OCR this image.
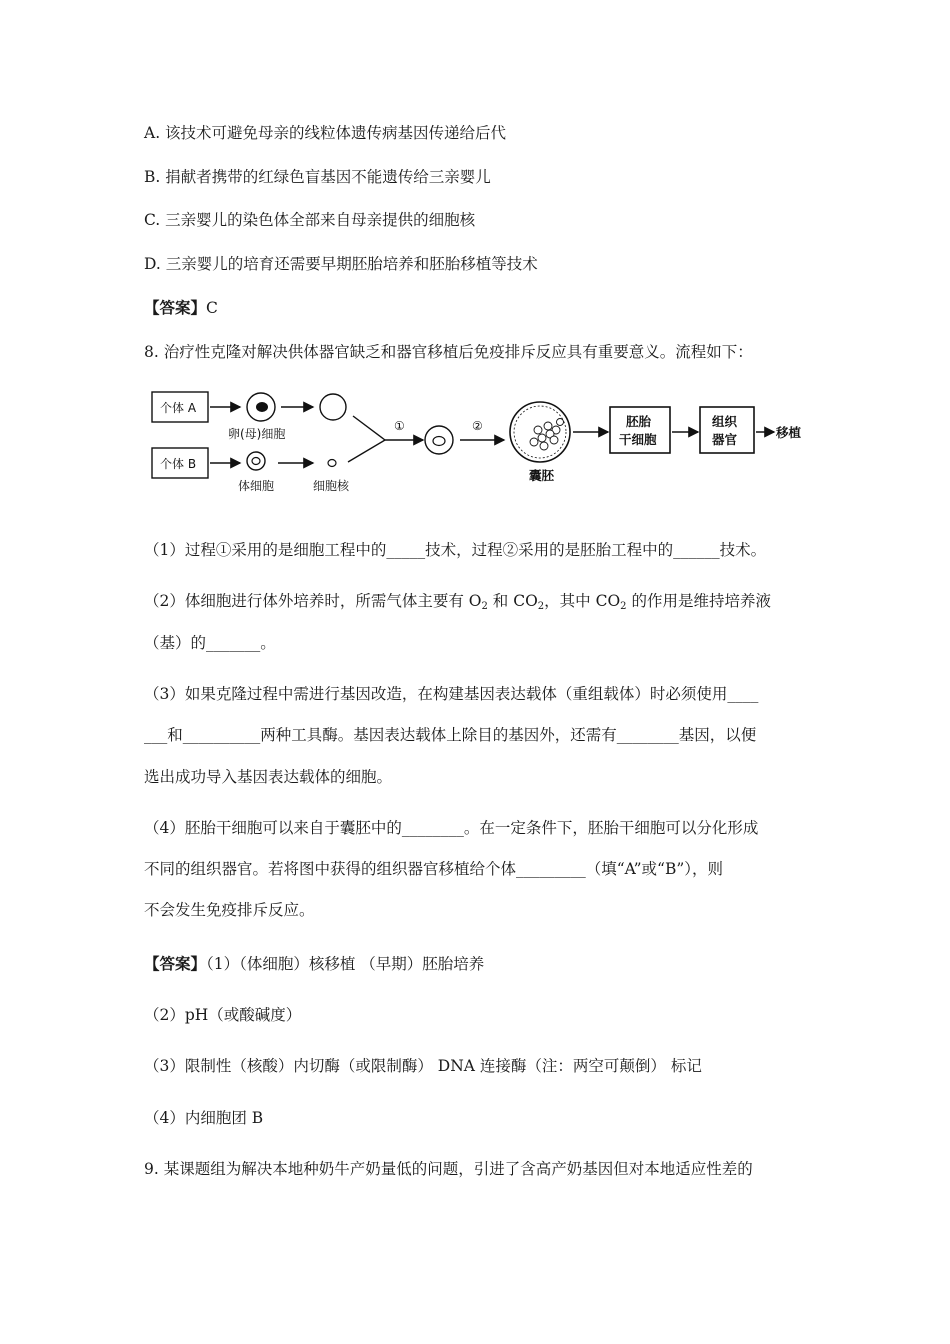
A. 该技术可避免母亲的线粒体遗传病基因传递给后代
B. 捐献者携带的红绿色盲基因不能遗传给三亲婴儿
C. 三亲婴儿的染色体全部来自母亲提供的细胞核
D. 三亲婴儿的培育还需要早期胚胎培养和胚胎移植等技术
【答案】C
8. 治疗性克隆对解决供体器官缺乏和器官移植后免疫排斥反应具有重要意义。流程如下：
个体 A
卵(母)细胞
个体 B
体细胞	细胞核
①	②
囊胚
胚胎
干细胞
组织
器官	移植
（1）过程①采用的是细胞工程中的_____技术，过程②采用的是胚胎工程中的______技术。
（2）体细胞进行体外培养时，所需气体主要有 $O_2$ 和 $CO_2$，其中 $CO_2$ 的作用是维持培养液
（基）的_______。
（3）如果克隆过程中需进行基因改造，在构建基因表达载体（重组载体）时必须使用____
___和__________两种工具酶。基因表达载体上除目的基因外，还需有________基因，以便
选出成功导入基因表达载体的细胞。
（4）胚胎干细胞可以来自于囊胚中的________。在一定条件下，胚胎干细胞可以分化形成
不同的组织器官。若将图中获得的组织器官移植给个体_________（填“A”或“B”），则
不会发生免疫排斥反应。
【答案】（1）（体细胞）核移植 （早期）胚胎培养
（2）pH（或酸碱度）
（3）限制性（核酸）内切酶（或限制酶） DNA 连接酶（注：两空可颠倒） 标记
（4）内细胞团 B
9. 某课题组为解决本地种奶牛产奶量低的问题，引进了含高产奶基因但对本地适应性差的
